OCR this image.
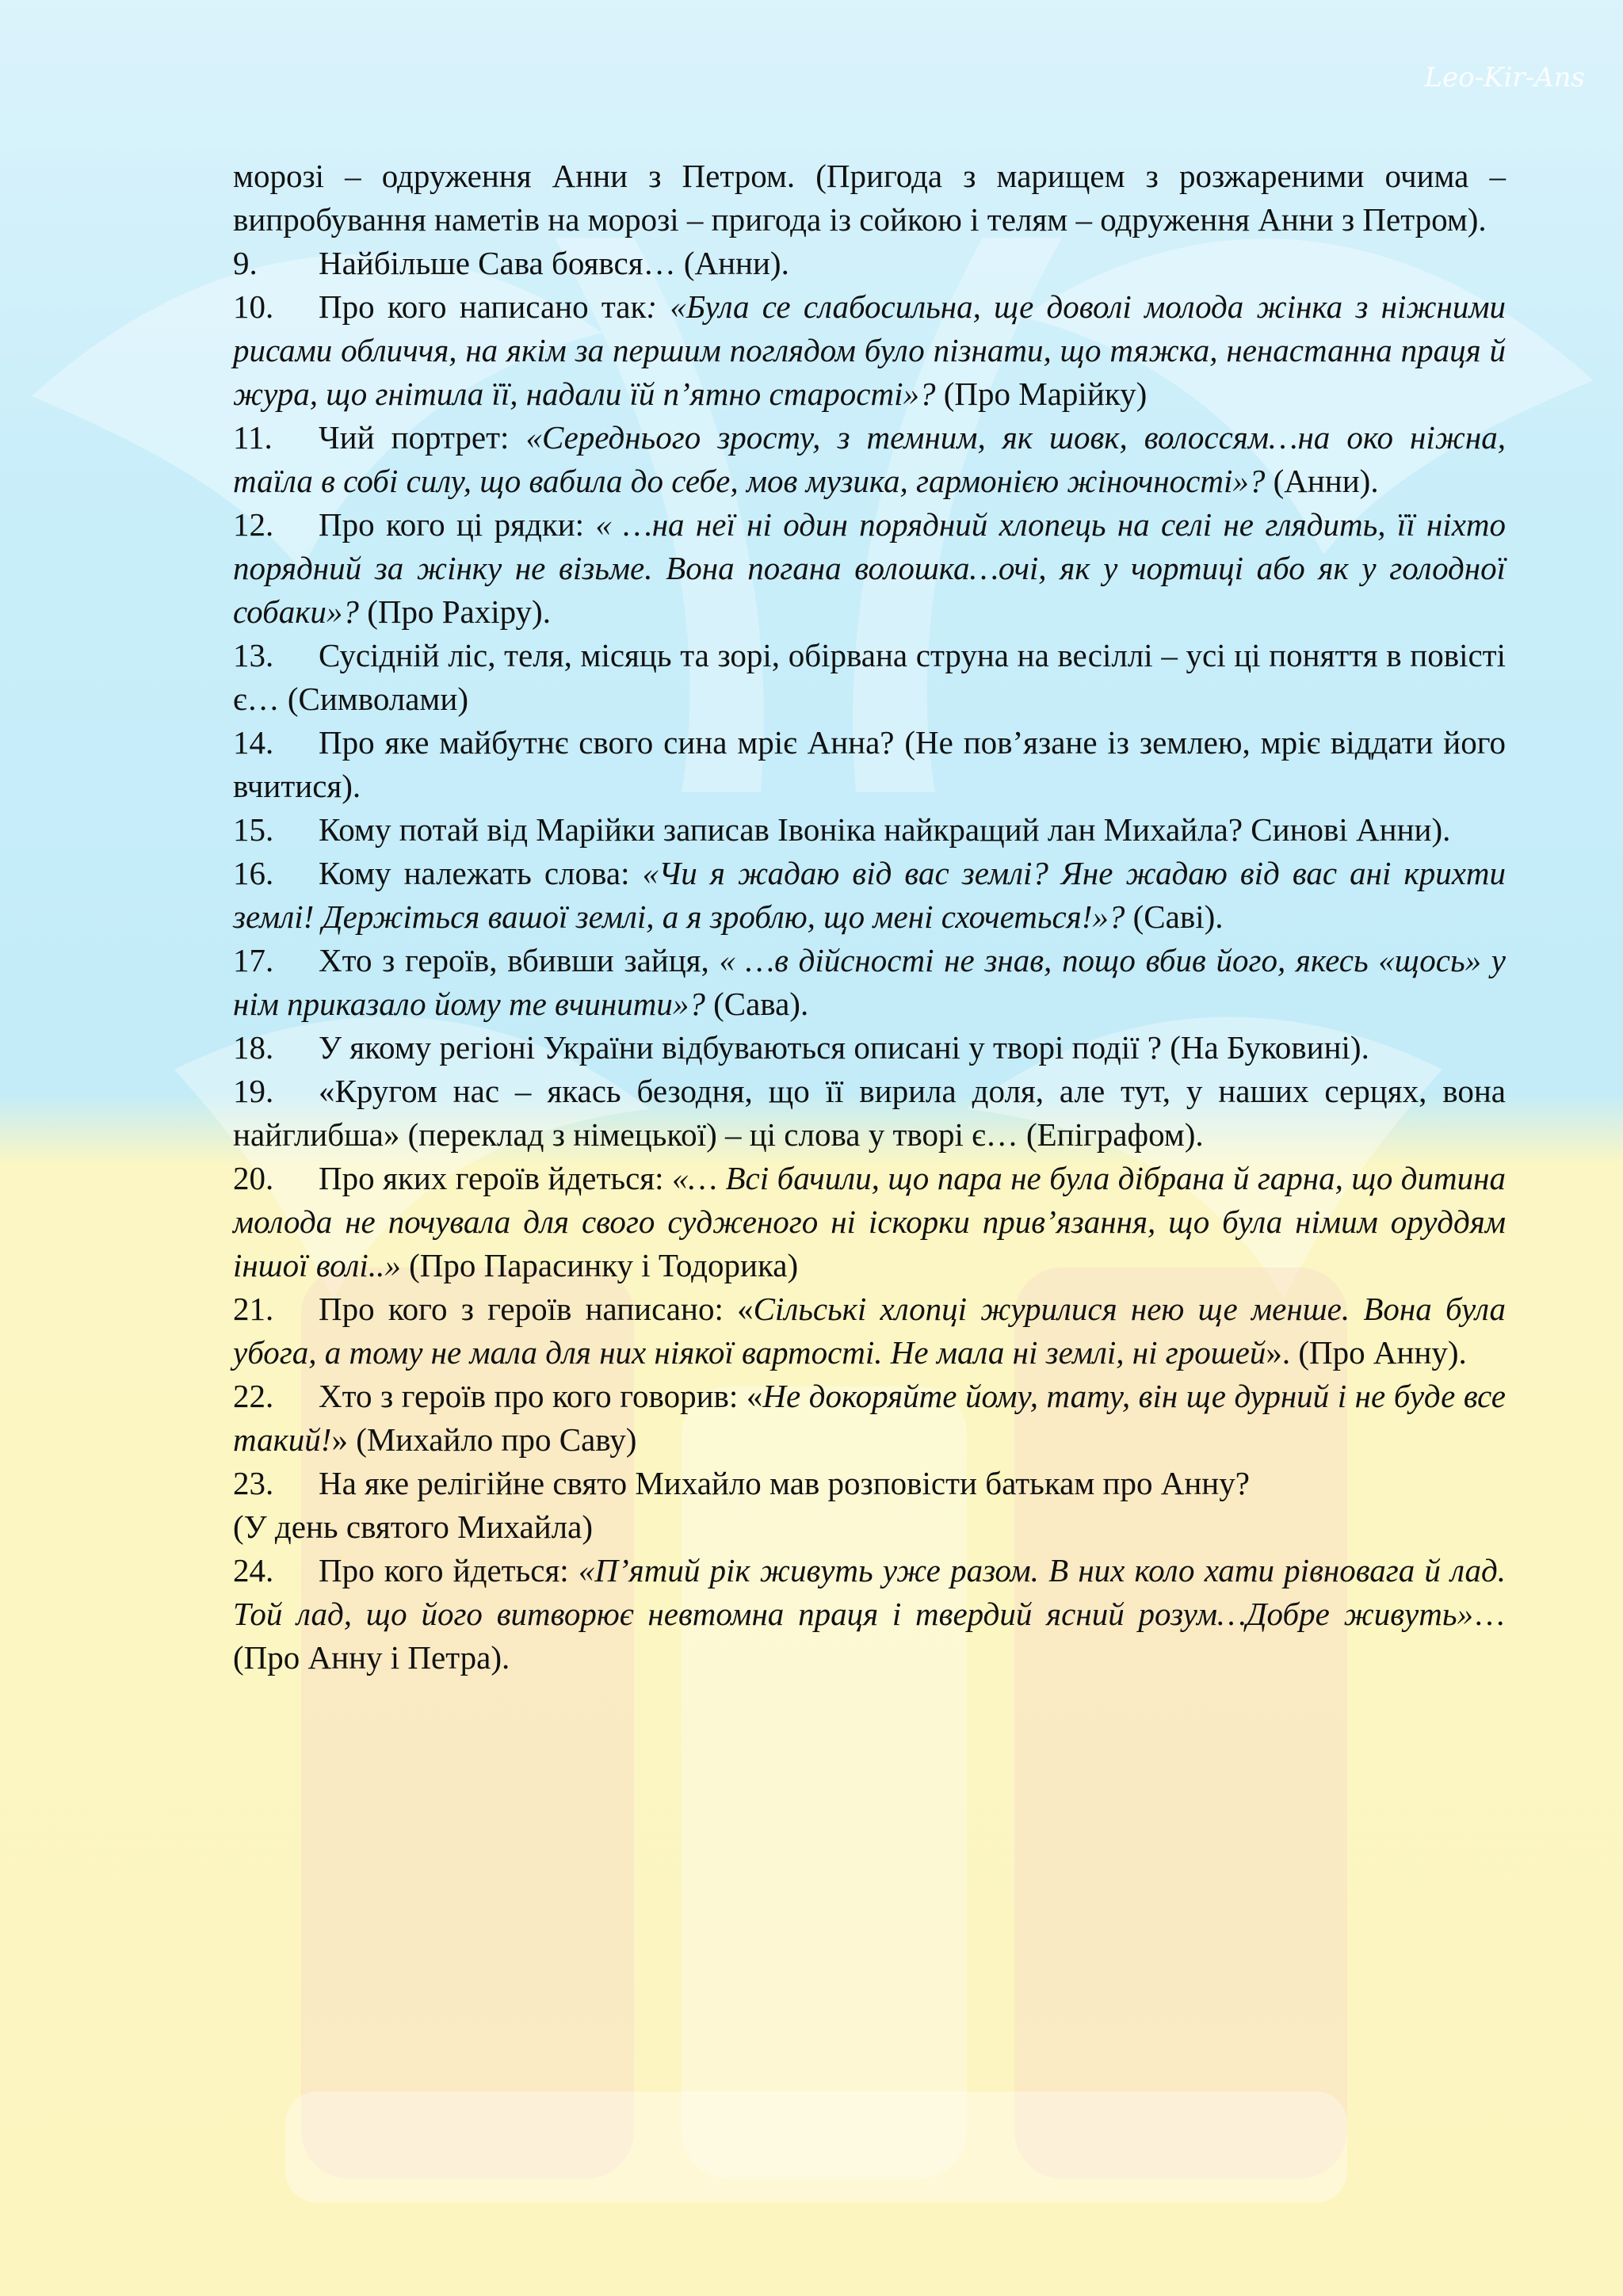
Leo-Kir-Ans

морозі – одруження Анни з Петром. (Пригода з марищем з розжареними очима – випробування наметів на морозі – пригода із сойкою і телям – одруження Анни з Петром).

9. Найбільше Сава боявся… (Анни).

10. Про кого написано так: «Була се слабосильна, ще доволі молода жінка з ніжними рисами обличчя, на якім за першим поглядом було пізнати, що тяжка, ненастанна праця й жура, що гнітила її, надали їй п’ятно старості»? (Про Марійку)

11. Чий портрет: «Середнього зросту, з темним, як шовк, волоссям…на око ніжна, таїла в собі силу, що вабила до себе, мов музика, гармонією жіночності»? (Анни).

12. Про кого ці рядки: « …на неї ні один порядний хлопець на селі не глядить, її ніхто порядний за жінку не візьме. Вона погана волошка…очі, як у чортиці або як у голодної собаки»? (Про Рахіру).

13. Сусідній ліс, теля, місяць та зорі, обірвана струна на весіллі – усі ці поняття в повісті є… (Символами)

14. Про яке майбутнє свого сина мріє Анна? (Не пов’язане із землею, мріє віддати його вчитися).

15. Кому потай від Марійки записав Івоніка найкращий лан Михайла? Синові Анни).

16. Кому належать слова: «Чи я жадаю від вас землі? Яне жадаю від вас ані крихти землі! Держіться вашої землі, а я зроблю, що мені схочеться!»? (Саві).

17. Хто з героїв, вбивши зайця, « …в дійсності не знав, пощо вбив його, якесь «щось» у нім приказало йому те вчинити»? (Сава).

18. У якому регіоні України відбуваються описані у творі події ? (На Буковині).

19. «Кругом нас – якась безодня, що її вирила доля, але тут, у наших серцях, вона найглибша» (переклад з німецької) – ці слова у творі є… (Епіграфом).

20. Про яких героїв йдеться: «… Всі бачили, що пара не була дібрана й гарна, що дитина молода не почувала для свого судженого ні іскорки прив’язання, що була німим оруддям іншої волі..» (Про Парасинку і Тодорика)

21. Про кого з героїв написано: «Сільські хлопці журилися нею ще менше. Вона була убога, а тому не мала для них ніякої вартості. Не мала ні землі, ні грошей». (Про Анну).

22. Хто з героїв про кого говорив: «Не докоряйте йому, тату, він ще дурний і не буде все такий!» (Михайло про Саву)

23. На яке релігійне свято Михайло мав розповісти батькам про Анну?

(У день святого Михайла)

24. Про кого йдеться: «П’ятий рік живуть уже разом. В них коло хати рівновага й лад. Той лад, що його витворює невтомна праця і твердий ясний розум…Добре живуть»… (Про Анну і Петра).
